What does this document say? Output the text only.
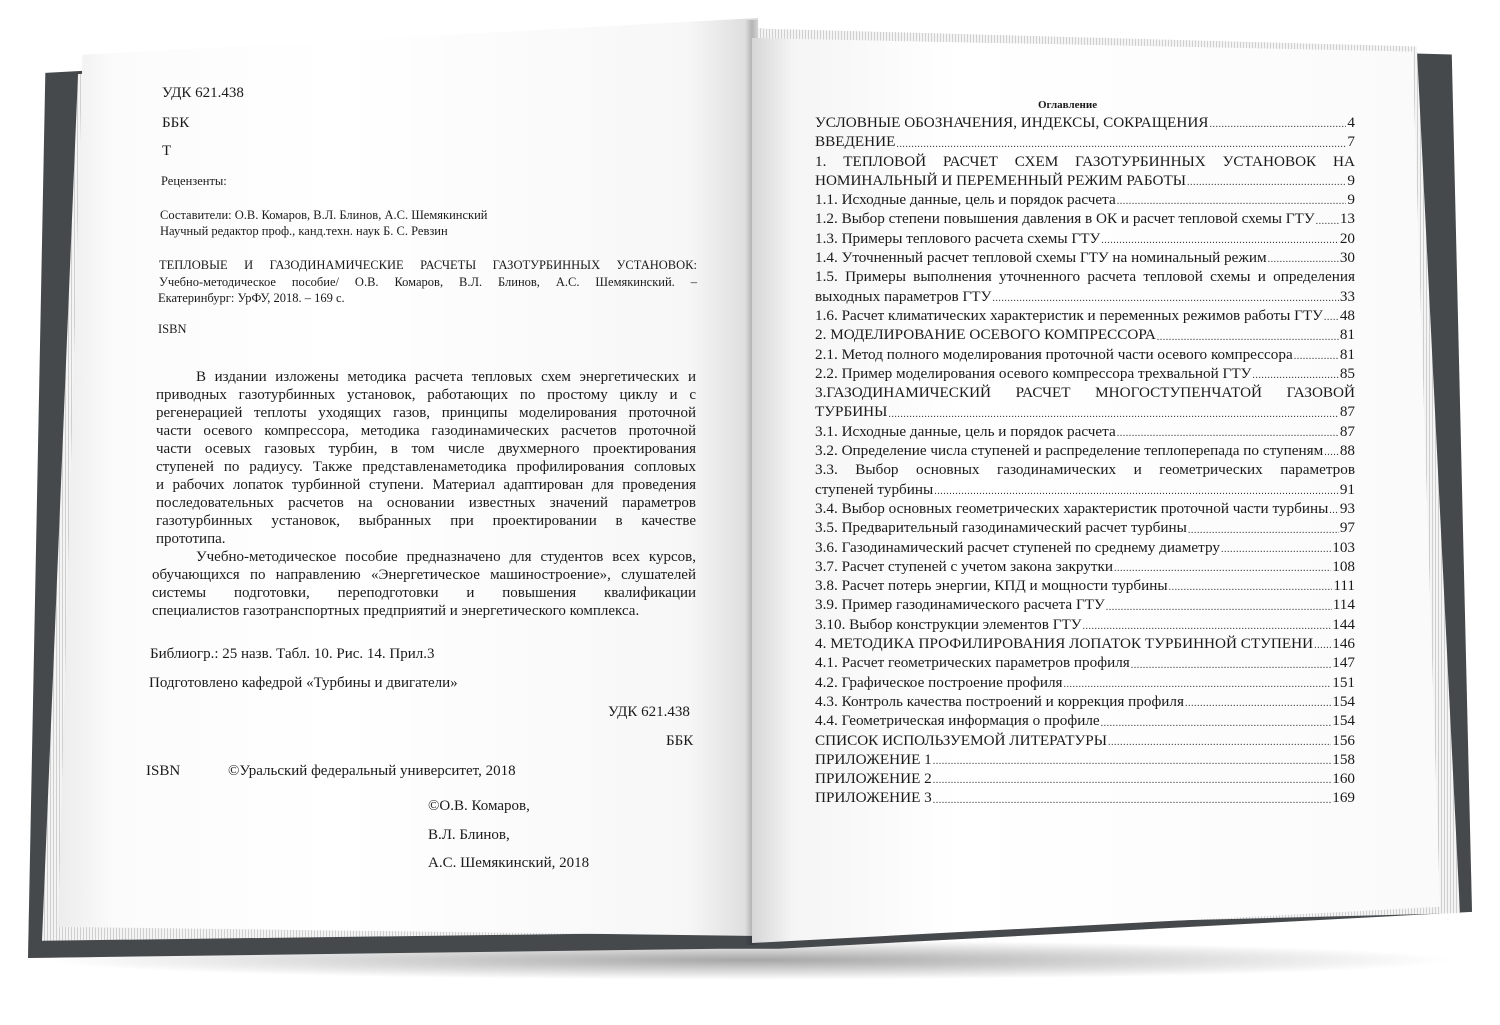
УДК 621.438
ББК
Т
Рецензенты:
Составители: О.В. Комаров, В.Л. Блинов, А.С. Шемякинский
Научный редактор проф., канд.техн. наук Б. С. Ревзин
ТЕПЛОВЫЕ И ГАЗОДИНАМИЧЕСКИЕ РАСЧЕТЫ ГАЗОТУРБИННЫХ УСТАНОВОК:
Учебно-методическое пособие/ О.В. Комаров, В.Л. Блинов, А.С. Шемякинский. –
Екатеринбург: УрФУ, 2018. – 169 с.
ISBN
В издании изложены методика расчета тепловых схем энергетических и
приводных газотурбинных установок, работающих по простому циклу и с
регенерацией теплоты уходящих газов, принципы моделирования проточной
части осевого компрессора, методика газодинамических расчетов проточной
части осевых газовых турбин, в том числе двухмерного проектирования
ступеней по радиусу. Также представленаметодика профилирования сопловых
и рабочих лопаток турбинной ступени. Материал адаптирован для проведения
последовательных расчетов на основании известных значений параметров
газотурбинных установок, выбранных при проектировании в качестве
прототипа.
Учебно-методическое пособие предназначено для студентов всех курсов,
обучающихся по направлению «Энергетическое машиностроение», слушателей
системы подготовки, переподготовки и повышения квалификации
специалистов газотранспортных предприятий и энергетического комплекса.
Библиогр.: 25 назв. Табл. 10. Рис. 14. Прил.3
Подготовлено кафедрой «Турбины и двигатели»
УДК 621.438
ББК
ISBN	©Уральский федеральный университет, 2018
©О.В. Комаров,
В.Л. Блинов,
А.С. Шемякинский, 2018
Оглавление
УСЛОВНЫЕ ОБОЗНАЧЕНИЯ, ИНДЕКСЫ, СОКРАЩЕНИЯ .....	4
ВВЕДЕНИЕ .....	7
1. ТЕПЛОВОЙ РАСЧЕТ СХЕМ ГАЗОТУРБИННЫХ УСТАНОВОК НА
НОМИНАЛЬНЫЙ И ПЕРЕМЕННЫЙ РЕЖИМ РАБОТЫ .....	9
1.1. Исходные данные, цель и порядок расчета .....	9
1.2. Выбор степени повышения давления в ОК и расчет тепловой схемы ГТУ ..... 13
1.3. Примеры теплового расчета схемы ГТУ .....	20
1.4. Уточненный расчет тепловой схемы ГТУ на номинальный режим .....	30
1.5. Примеры выполнения уточненного расчета тепловой схемы и определения
выходных параметров ГТУ .....	33
1.6. Расчет климатических характеристик и переменных режимов работы ГТУ ..... 48
2. МОДЕЛИРОВАНИЕ ОСЕВОГО КОМПРЕССОРА .....	81
2.1. Метод полного моделирования проточной части осевого компрессора .....	81
2.2. Пример моделирования осевого компрессора трехвальной ГТУ .....	85
3.ГАЗОДИНАМИЧЕСКИЙ РАСЧЕТ МНОГОСТУПЕНЧАТОЙ ГАЗОВОЙ
ТУРБИНЫ .....	87
3.1. Исходные данные, цель и порядок расчета .....	87
3.2. Определение числа ступеней и распределение теплоперепада по ступеням ..... 88
3.3. Выбор основных газодинамических и геометрических параметров
ступеней турбины .....	91
3.4. Выбор основных геометрических характеристик проточной части турбины ..... 93
3.5. Предварительный газодинамический расчет турбины .....	97
3.6. Газодинамический расчет ступеней по среднему диаметру .....	103
3.7. Расчет ступеней с учетом закона закрутки .....	108
3.8. Расчет потерь энергии, КПД и мощности турбины .....	111
3.9. Пример газодинамического расчета ГТУ .....	114
3.10. Выбор конструкции элементов ГТУ .....	144
4. МЕТОДИКА ПРОФИЛИРОВАНИЯ ЛОПАТОК ТУРБИННОЙ СТУПЕНИ ..... 146
4.1. Расчет геометрических параметров профиля .....	147
4.2. Графическое построение профиля .....	151
4.3. Контроль качества построений и коррекция профиля .....	154
4.4. Геометрическая информация о профиле .....	154
СПИСОК ИСПОЛЬЗУЕМОЙ ЛИТЕРАТУРЫ .....	156
ПРИЛОЖЕНИЕ 1 .....	158
ПРИЛОЖЕНИЕ 2 .....	160
ПРИЛОЖЕНИЕ 3 .....	169
